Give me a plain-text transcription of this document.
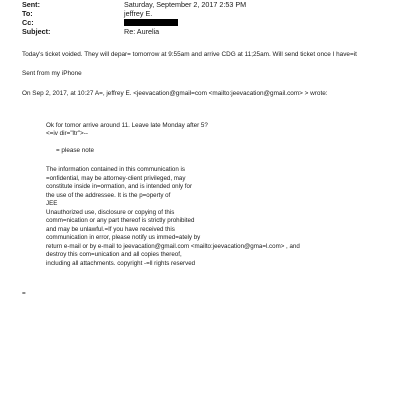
Sent:	Saturday, September 2, 2017 2:53 PM
To:	jeffrey E.
Cc:
Subject:	Re: Aurelia
Today's ticket voided. They will depar= tomorrow at 9:55am and arrive CDG at 11;25am. Will send ticket once I have=it
Sent from my iPhone
On Sep 2, 2017, at 10:27 A=, jeffrey E. <jeevacation@gmail=com <mailto:jeevacation@gmail.com> > wrote:
Ok for tomor arrive around 11. Leave late Monday after 5?
<=iv dir="ltr">--
= please note
The information contained in this communication is
=onfidential, may be attorney-client privileged, may
constitute inside in=ormation, and is intended only for
the use of the addressee. It is the p=operty of
JEE
Unauthorized use, disclosure or copying of this
comm=nication or any part thereof is strictly prohibited
and may be unlawful.=If you have received this
communication in error, please notify us immed=ately by
return e-mail or by e-mail to jeevacation@gmail.com <mailto:jeevacation@gma=l.com> , and
destroy this com=unication and all copies thereof,
including all attachments. copyright -=ll rights reserved
=
